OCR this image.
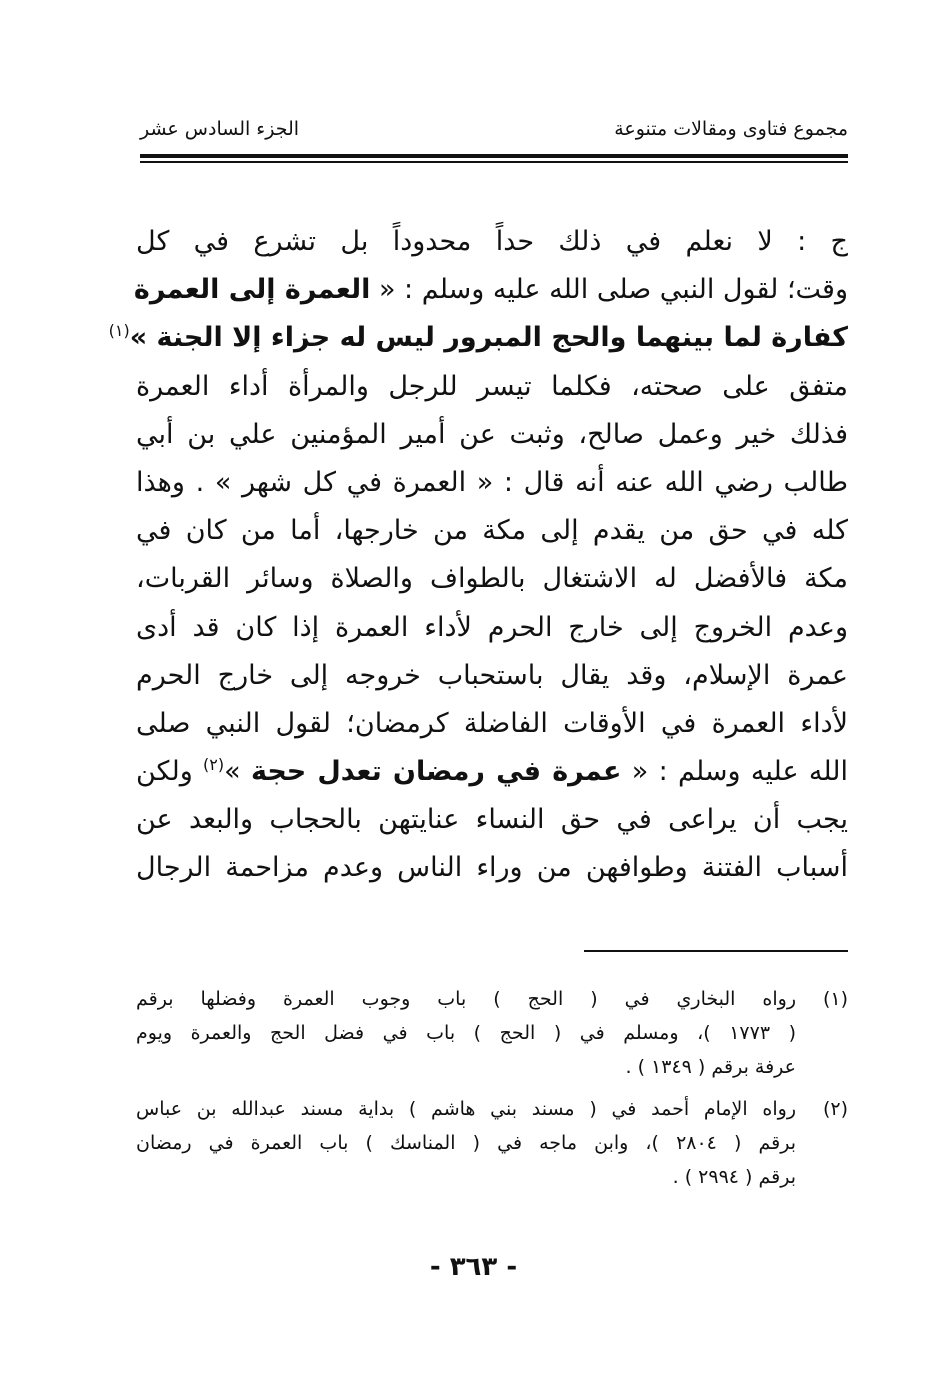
مجموع فتاوى ومقالات متنوعة
الجزء السادس عشر
ج : لا نعلم في ذلك حداً محدوداً بل تشرع في كل
وقت؛ لقول النبي صلى الله عليه وسلم : « العمرة إلى العمرة
كفارة لما بينهما والحج المبرور ليس له جزاء إلا الجنة »$^{(١)}$
متفق على صحته، فكلما تيسر للرجل والمرأة أداء العمرة
فذلك خير وعمل صالح، وثبت عن أمير المؤمنين علي بن أبي
طالب رضي الله عنه أنه قال : « العمرة في كل شهر » . وهذا
كله في حق من يقدم إلى مكة من خارجها، أما من كان في
مكة فالأفضل له الاشتغال بالطواف والصلاة وسائر القربات،
وعدم الخروج إلى خارج الحرم لأداء العمرة إذا كان قد أدى
عمرة الإسلام، وقد يقال باستحباب خروجه إلى خارج الحرم
لأداء العمرة في الأوقات الفاضلة كرمضان؛ لقول النبي صلى
الله عليه وسلم : « عمرة في رمضان تعدل حجة »$^{(٢)}$ ولكن
يجب أن يراعى في حق النساء عنايتهن بالحجاب والبعد عن
أسباب الفتنة وطوافهن من وراء الناس وعدم مزاحمة الرجال
(١)
رواه البخاري في ( الحج ) باب وجوب العمرة وفضلها برقم
( ١٧٧٣ )، ومسلم في ( الحج ) باب في فضل الحج والعمرة ويوم
عرفة برقم ( ١٣٤٩ ) .
(٢)
رواه الإمام أحمد في ( مسند بني هاشم ) بداية مسند عبدالله بن عباس
برقم ( ٢٨٠٤ )، وابن ماجه في ( المناسك ) باب العمرة في رمضان
برقم ( ٢٩٩٤ ) .
- ٣٦٣ -
